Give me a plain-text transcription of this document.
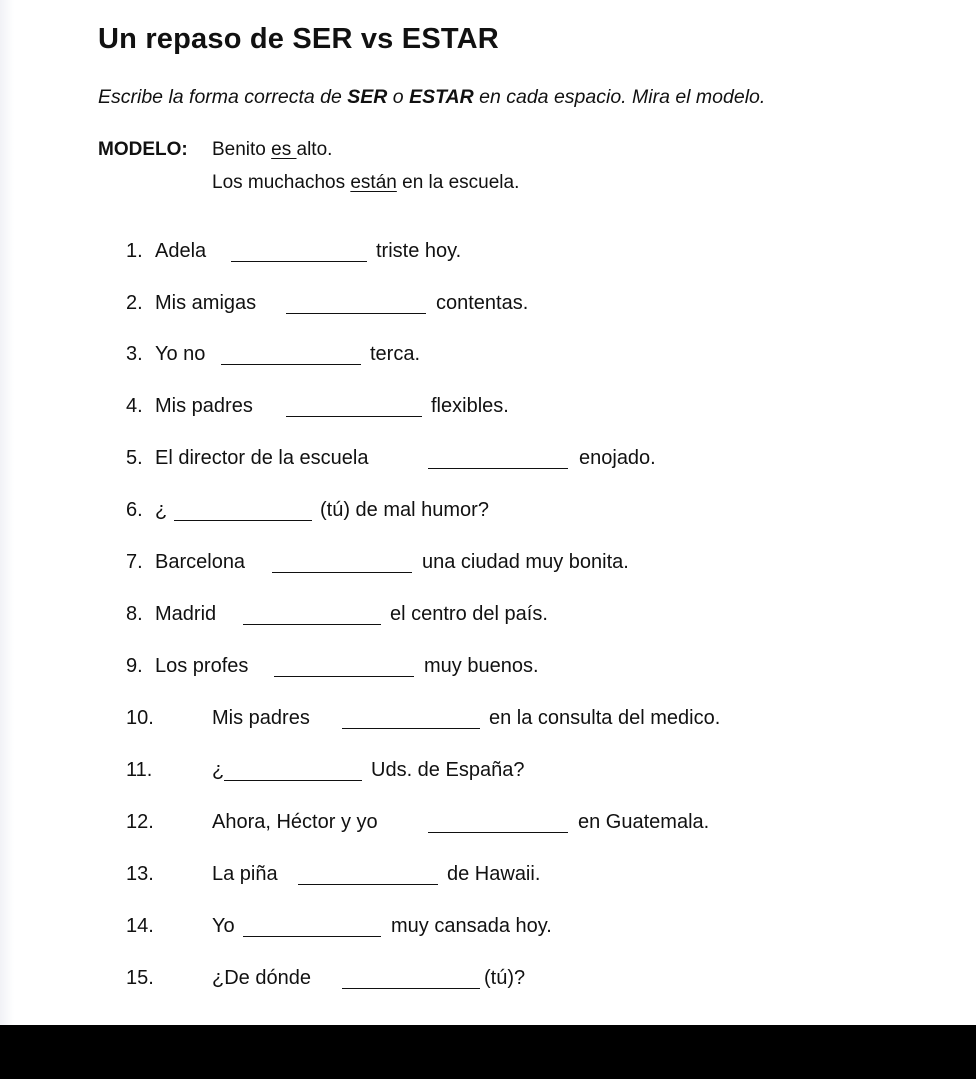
Un repaso de SER vs ESTAR
Escribe la forma correcta de SER o ESTAR en cada espacio. Mira el modelo.
MODELO: Benito es alto.
Los muchachos están en la escuela.
1. Adela	triste hoy.
2. Mis amigas	contentas.
3. Yo no	terca.
4. Mis padres	flexibles.
5. El director de la escuela	enojado.
6. ¿	(tú) de mal humor?
7. Barcelona	una ciudad muy bonita.
8. Madrid	el centro del país.
9. Los profes	muy buenos.
10.	Mis padres	en la consulta del medico.
11.	¿	Uds. de España?
12.	Ahora, Héctor y yo	en Guatemala.
13.	La piña	de Hawaii.
14.	Yo	muy cansada hoy.
15.	¿De dónde	(tú)?
